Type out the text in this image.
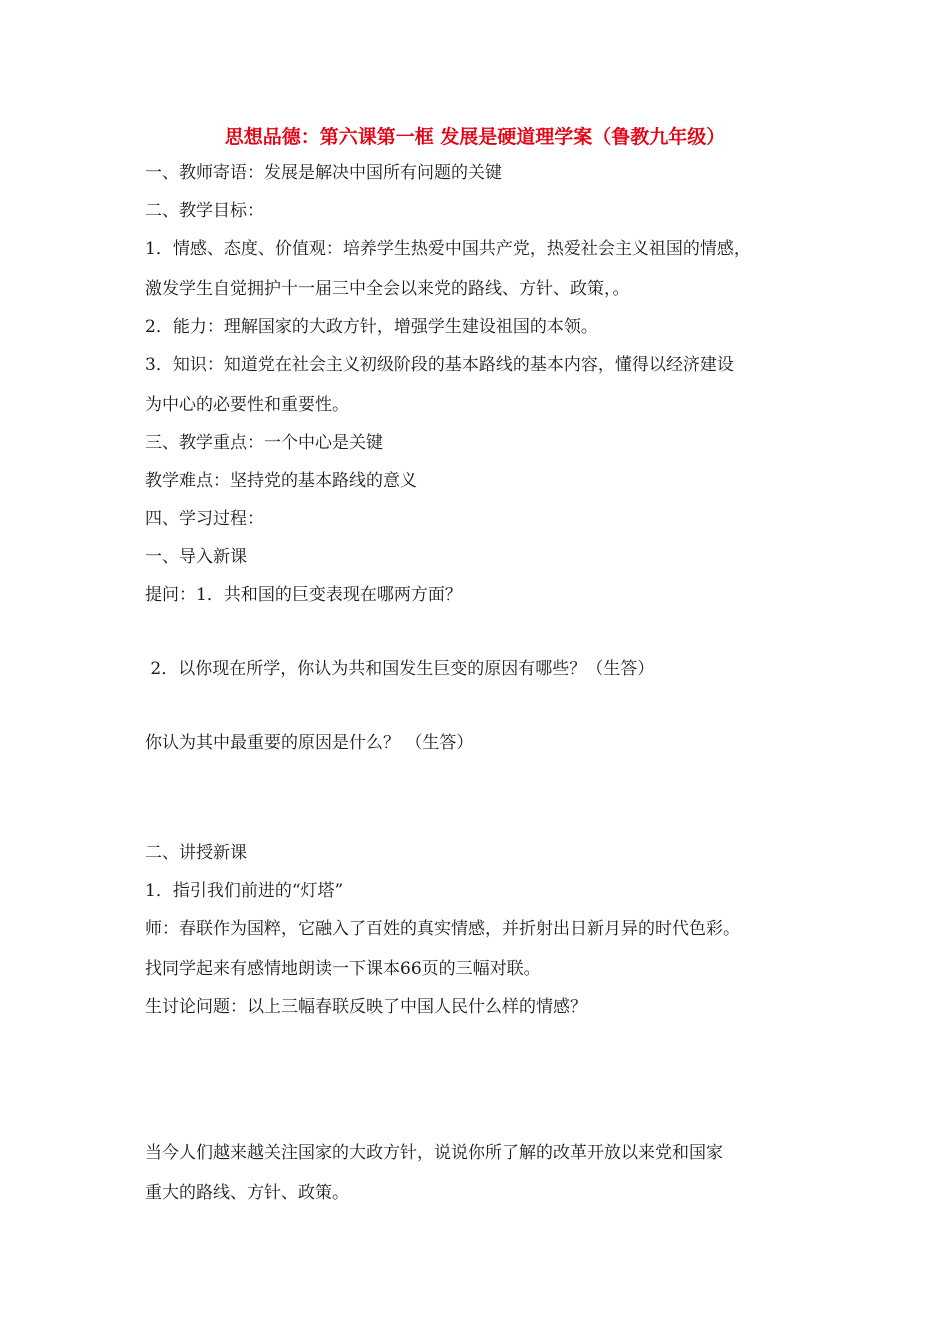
思想品德：第六课第一框 发展是硬道理学案（鲁教九年级）
一、教师寄语：发展是解决中国所有问题的关键
二、教学目标：
1．情感、态度、价值观：培养学生热爱中国共产党，热爱社会主义祖国的情感，
激发学生自觉拥护十一届三中全会以来党的路线、方针、政策，。
2．能力：理解国家的大政方针，增强学生建设祖国的本领。
3．知识：知道党在社会主义初级阶段的基本路线的基本内容，懂得以经济建设
为中心的必要性和重要性。
三、教学重点：一个中心是关键
教学难点：坚持党的基本路线的意义
四、学习过程：
一、导入新课
提问：1．共和国的巨变表现在哪两方面？
2．以你现在所学，你认为共和国发生巨变的原因有哪些？（生答）
你认为其中最重要的原因是什么？ （生答）
二、讲授新课
1．指引我们前进的“灯塔”
师：春联作为国粹，它融入了百姓的真实情感，并折射出日新月异的时代色彩。
找同学起来有感情地朗读一下课本66页的三幅对联。
生讨论问题：以上三幅春联反映了中国人民什么样的情感？
当今人们越来越关注国家的大政方针，说说你所了解的改革开放以来党和国家
重大的路线、方针、政策。
